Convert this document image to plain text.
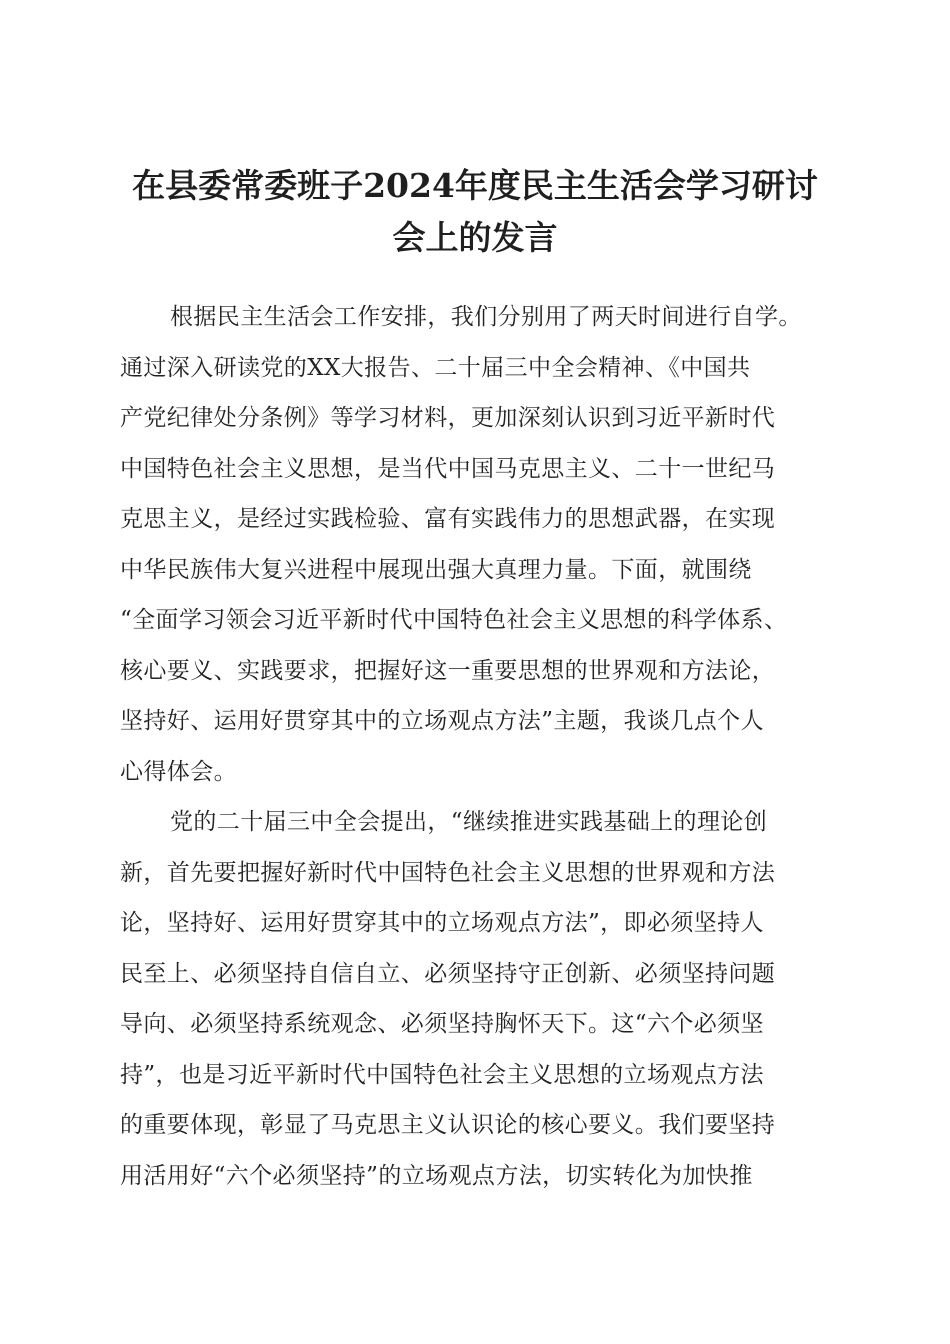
在县委常委班子2024年度民主生活会学习研讨
会上的发言
根据民主生活会工作安排，我们分别用了两天时间进行自学。
通过深入研读党的XX大报告、二十届三中全会精神、《中国共
产党纪律处分条例》等学习材料，更加深刻认识到习近平新时代
中国特色社会主义思想，是当代中国马克思主义、二十一世纪马
克思主义，是经过实践检验、富有实践伟力的思想武器，在实现
中华民族伟大复兴进程中展现出强大真理力量。下面，就围绕
“全面学习领会习近平新时代中国特色社会主义思想的科学体系、
核心要义、实践要求，把握好这一重要思想的世界观和方法论，
坚持好、运用好贯穿其中的立场观点方法”主题，我谈几点个人
心得体会。
党的二十届三中全会提出，“继续推进实践基础上的理论创
新，首先要把握好新时代中国特色社会主义思想的世界观和方法
论，坚持好、运用好贯穿其中的立场观点方法”，即必须坚持人
民至上、必须坚持自信自立、必须坚持守正创新、必须坚持问题
导向、必须坚持系统观念、必须坚持胸怀天下。这“六个必须坚
持”，也是习近平新时代中国特色社会主义思想的立场观点方法
的重要体现，彰显了马克思主义认识论的核心要义。我们要坚持
用活用好“六个必须坚持”的立场观点方法，切实转化为加快推
